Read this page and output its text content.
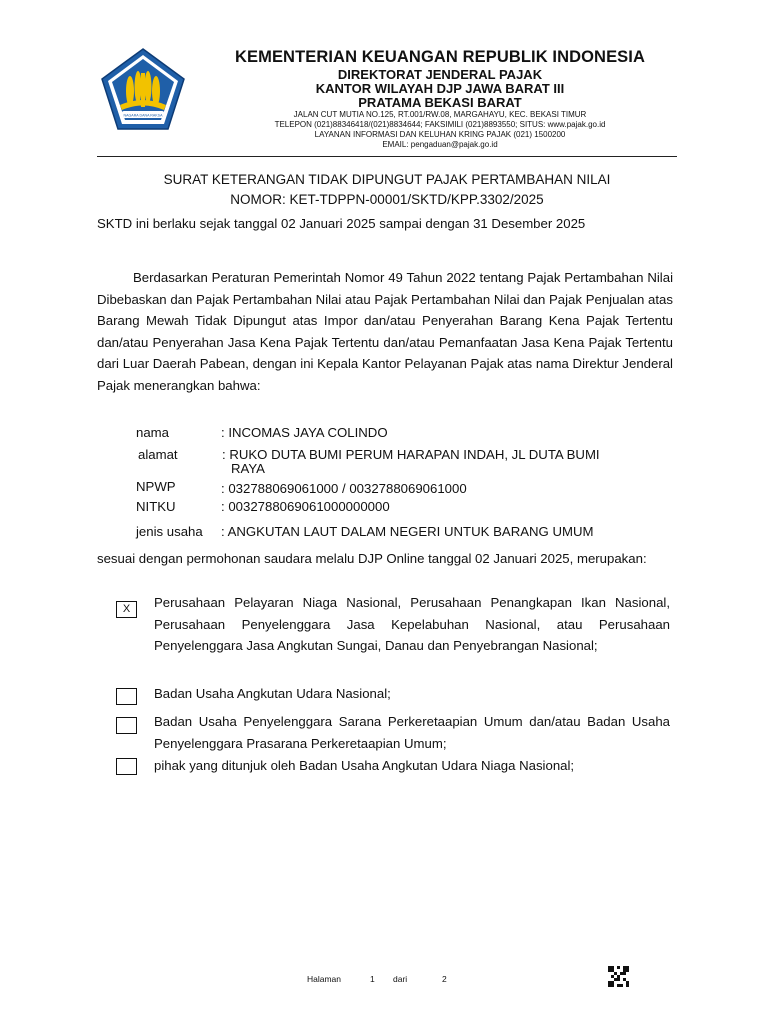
NAGARA DANA RAKSA
KEMENTERIAN KEUANGAN REPUBLIK INDONESIA
DIREKTORAT JENDERAL PAJAK
KANTOR WILAYAH DJP JAWA BARAT III
PRATAMA BEKASI BARAT
JALAN CUT MUTIA NO.125, RT.001/RW.08, MARGAHAYU, KEC. BEKASI TIMUR
TELEPON (021)88346418/(021)8834644; FAKSIMILI (021)8893550; SITUS: www.pajak.go.id
LAYANAN INFORMASI DAN KELUHAN KRING PAJAK (021) 1500200
EMAIL: pengaduan@pajak.go.id
SURAT KETERANGAN TIDAK DIPUNGUT PAJAK PERTAMBAHAN NILAI
NOMOR: KET-TDPPN-00001/SKTD/KPP.3302/2025
SKTD ini berlaku sejak tanggal 02 Januari 2025 sampai dengan 31 Desember 2025
Berdasarkan Peraturan Pemerintah Nomor 49 Tahun 2022 tentang Pajak Pertambahan Nilai Dibebaskan dan Pajak Pertambahan Nilai atau Pajak Pertambahan Nilai dan Pajak Penjualan atas Barang Mewah Tidak Dipungut atas Impor dan/atau Penyerahan Barang Kena Pajak Tertentu dan/atau Penyerahan Jasa Kena Pajak Tertentu dan/atau Pemanfaatan Jasa Kena Pajak Tertentu dari Luar Daerah Pabean, dengan ini Kepala Kantor Pelayanan Pajak atas nama Direktur Jenderal Pajak menerangkan bahwa:
nama	: INCOMAS JAYA COLINDO
alamat	: RUKO DUTA BUMI PERUM HARAPAN INDAH, JL DUTA BUMI
RAYA
NPWP	: 032788069061000 / 0032788069061000
NITKU	: 0032788069061000000000
jenis usaha : ANGKUTAN LAUT DALAM NEGERI UNTUK BARANG UMUM
sesuai dengan permohonan saudara melalu DJP Online tanggal 02 Januari 2025, merupakan:
X	Perusahaan Pelayaran Niaga Nasional, Perusahaan Penangkapan Ikan Nasional, Perusahaan Penyelenggara Jasa Kepelabuhan Nasional, atau Perusahaan Penyelenggara Jasa Angkutan Sungai, Danau dan Penyebrangan Nasional;
Badan Usaha Angkutan Udara Nasional;
Badan Usaha Penyelenggara Sarana Perkeretaapian Umum dan/atau Badan Usaha Penyelenggara Prasarana Perkeretaapian Umum;
pihak yang ditunjuk oleh Badan Usaha Angkutan Udara Niaga Nasional;
Halaman	1 dari	2
